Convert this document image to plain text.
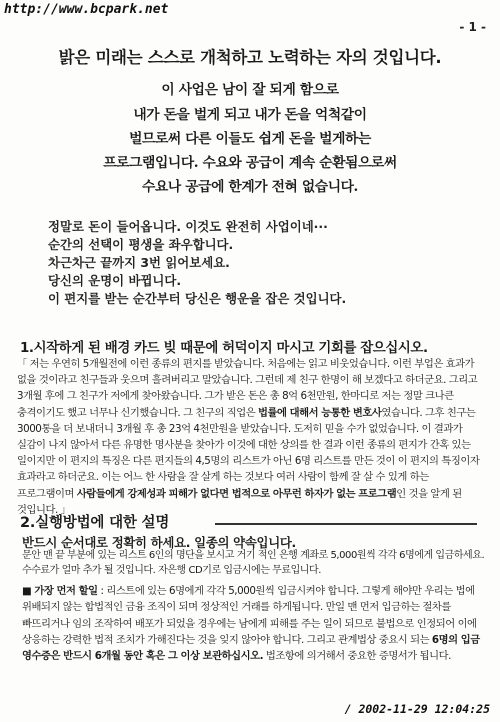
http://www.bcpark.net
- 1 -
밝은 미래는 스스로 개척하고 노력하는 자의 것입니다.
이 사업은 남이 잘 되게 함으로
내가 돈을 벌게 되고 내가 돈을 억척같이
벌므로써 다른 이들도 쉽게 돈을 벌게하는
프로그램입니다. 수요와 공급이 계속 순환됨으로써
수요나 공급에 한계가 전혀 없습니다.
정말로 돈이 들어옵니다. 이것도 완전히 사업이네···
순간의 선택이 평생을 좌우합니다.
차근차근 끝까지 3번 읽어보세요.
당신의 운명이 바뀝니다.
이 편지를 받는 순간부터 당신은 행운을 잡은 것입니다.
1.시작하게 된 배경 카드 빚 때문에 허덕이지 마시고 기회를 잡으십시오.
「 저는 우연히 5개월전에 이런 종류의 편지를 받았습니다. 처음에는 읽고 비웃었습니다. 이런 부업은 효과가 없을 것이라고 친구들과 웃으며 흘려버리고 말았습니다. 그런데 제 친구 한명이 해 보겠다고 하더군요. 그리고 3개월 후에 그 친구가 저에게 찾아왔습니다. 그가 받은 돈은 총 8억 6천만원, 한마디로 저는 정말 크나큰 충격이기도 했고 너무나 신기했습니다. 그 친구의 직업은 법률에 대해서 능통한 변호사였습니다. 그후 친구는 3000통을 더 보내더니 3개월 후 총 23억 4천만원을 받았습니다. 도저히 믿을 수가 없었습니다. 이 결과가 실감이 나지 않아서 다른 유명한 명사분을 찾아가 이것에 대한 상의를 한 결과 이런 종류의 편지가 간혹 있는 일이지만 이 편지의 특징은 다른 편지들의 4,5명의 리스트가 아닌 6명 리스트를 만든 것이 이 편지의 특징이자 효과라고 하더군요. 이는 어느 한 사람을 잘 살게 하는 것보다 여러 사람이 함께 잘 살 수 있게 하는 프로그램이며 사람들에게 강제성과 피해가 없다면 법적으로 아무런 하자가 없는 프로그램인 것을 알게 된 것입니다. 」
2.실행방법에 대한 설명
반드시 순서대로 정확히 하세요. 일종의 약속입니다.
문안 맨 끝 부분에 있는 리스트 6인의 명단을 보시고 거기 적인 은행 계좌로 5,000원씩 각각 6명에게 입금하세요. 수수료가 얼마 추가 될 것입니다. 자은행 CD기로 입금시에는 무료입니다.
■ 가장 먼저 할일 : 리스트에 있는 6명에게 각각 5,000원씩 입금시켜야 합니다. 그렇게 해야만 우리는 법에 위배되지 않는 합법적인 금융 조직이 되며 정상적인 거래를 하게됩니다. 만일 맨 먼저 입금하는 절차를 빠뜨리거나 임의 조작하여 배포가 되었을 경우에는 남에게 피해를 주는 일이 되므로 불법으로 인정되어 이에 상응하는 강력한 법적 조치가 가해진다는 것을 잊지 않아야 합니다. 그리고 관계법상 중요시 되는 6명의 입금 영수증은 반드시 6개월 동안 혹은 그 이상 보관하십시오. 법조항에 의거해서 중요한 증명서가 됩니다.
/ 2002-11-29 12:04:25
